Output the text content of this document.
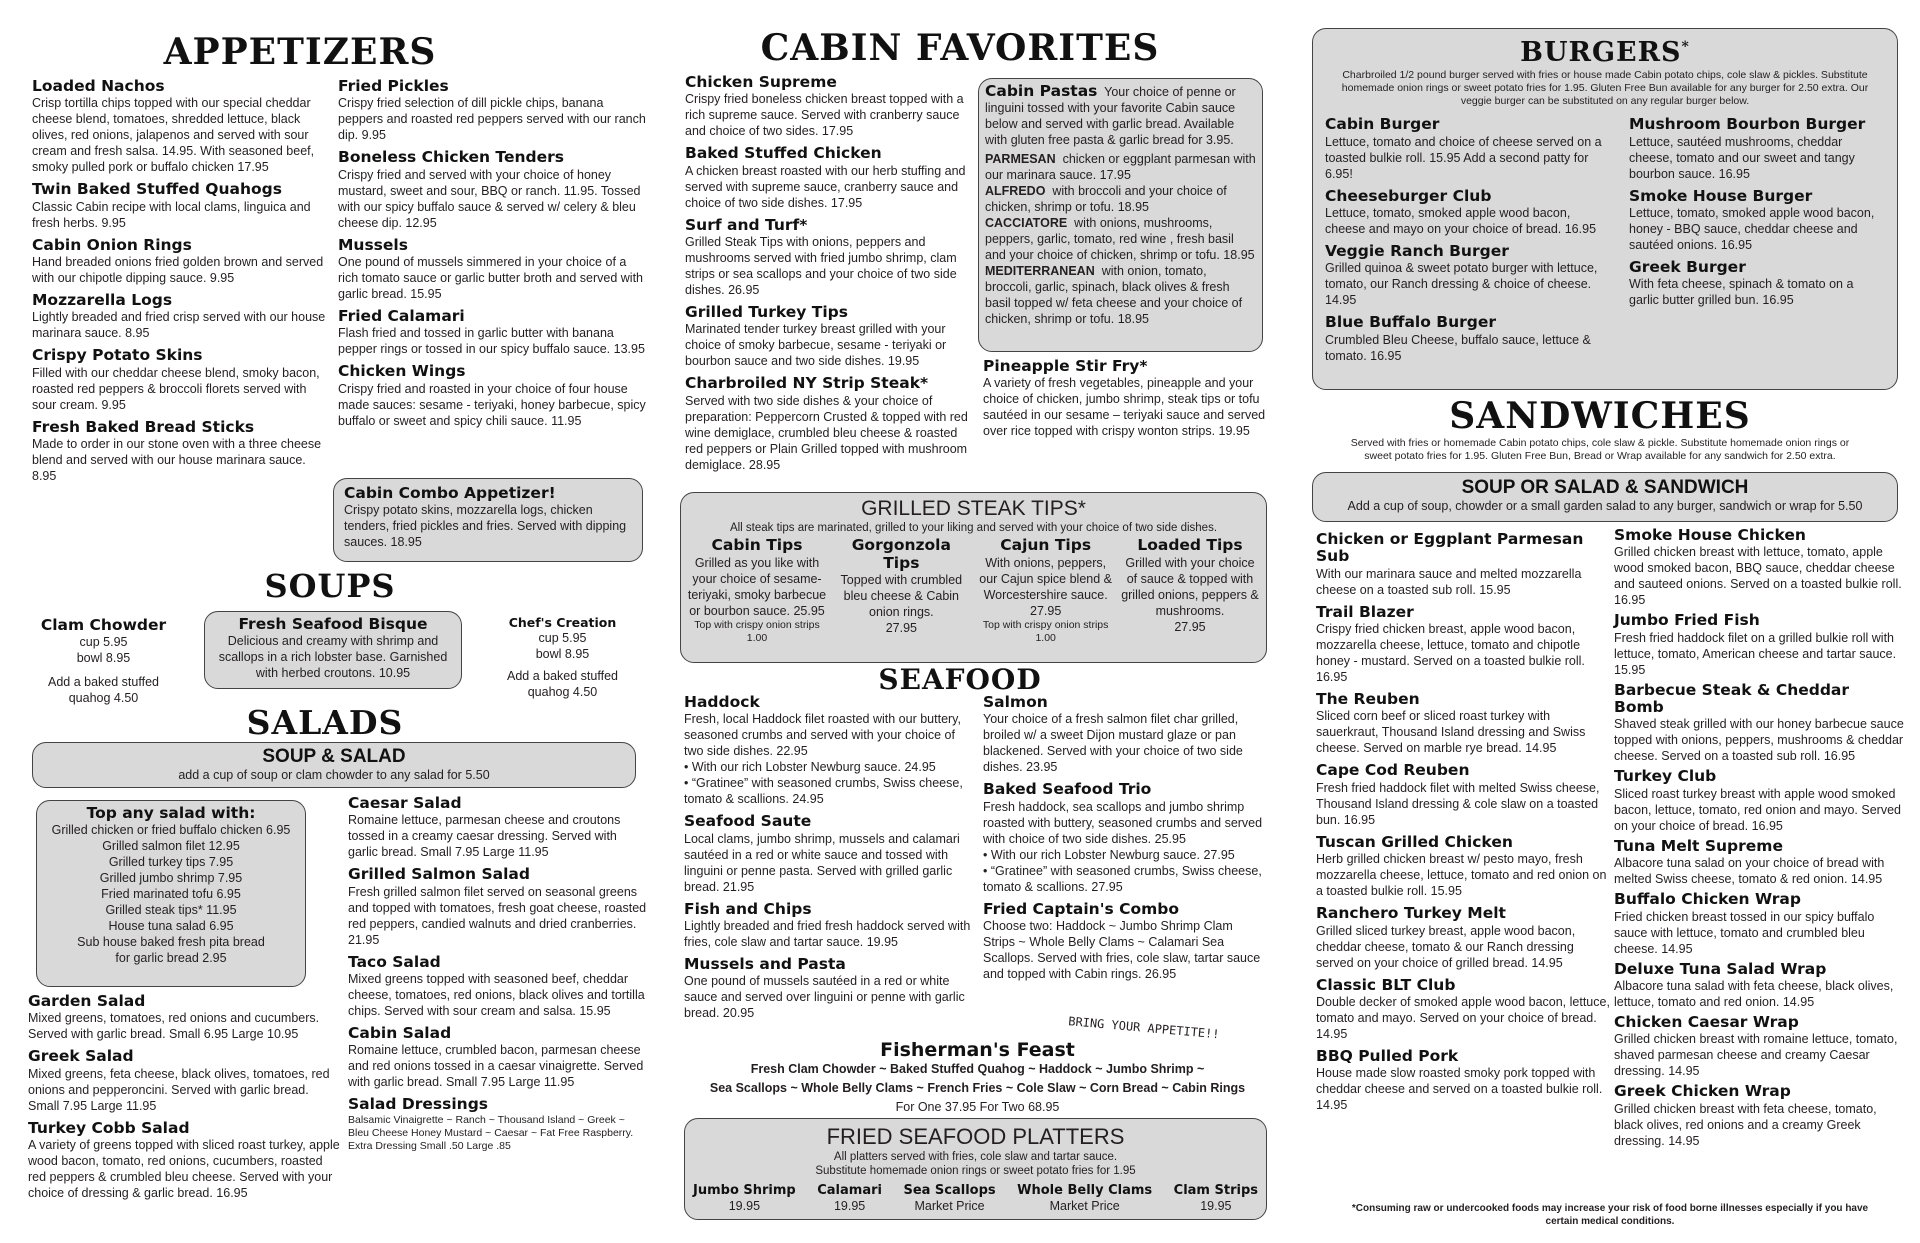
APPETIZERS
Loaded Nachos
Crisp tortilla chips topped with our special cheddar cheese blend, tomatoes, shredded lettuce, black olives, red onions, jalapenos and served with sour cream and fresh salsa. 14.95. With seasoned beef, smoky pulled pork or buffalo chicken 17.95
Twin Baked Stuffed Quahogs
Classic Cabin recipe with local clams, linguica and fresh herbs. 9.95
Cabin Onion Rings
Hand breaded onions fried golden brown and served with our chipotle dipping sauce. 9.95
Mozzarella Logs
Lightly breaded and fried crisp served with our house marinara sauce. 8.95
Crispy Potato Skins
Filled with our cheddar cheese blend, smoky bacon, roasted red peppers & broccoli florets served with sour cream. 9.95
Fresh Baked Bread Sticks
Made to order in our stone oven with a three cheese blend and served with our house marinara sauce. 8.95
Fried Pickles
Crispy fried selection of dill pickle chips, banana peppers and roasted red peppers served with our ranch dip. 9.95
Boneless Chicken Tenders
Crispy fried and served with your choice of honey mustard, sweet and sour, BBQ or ranch. 11.95. Tossed with our spicy buffalo sauce & served w/ celery & bleu cheese dip. 12.95
Mussels
One pound of mussels simmered in your choice of a rich tomato sauce or garlic butter broth and served with garlic bread. 15.95
Fried Calamari
Flash fried and tossed in garlic butter with banana pepper rings or tossed in our spicy buffalo sauce. 13.95
Chicken Wings
Crispy fried and roasted in your choice of four house made sauces: sesame - teriyaki, honey barbecue, spicy buffalo or sweet and spicy chili sauce. 11.95
Cabin Combo Appetizer!
Crispy potato skins, mozzarella logs, chicken tenders, fried pickles and fries. Served with dipping sauces. 18.95
SOUPS
Clam Chowder
cup 5.95
bowl 8.95
Add a baked stuffed quahog 4.50
Fresh Seafood Bisque
Delicious and creamy with shrimp and scallops in a rich lobster base. Garnished with herbed croutons. 10.95
Chef's Creation
cup 5.95
bowl 8.95
Add a baked stuffed quahog 4.50
SALADS
SOUP & SALAD
add a cup of soup or clam chowder to any salad for 5.50
Top any salad with:
Grilled chicken or fried buffalo chicken 6.95
Grilled salmon filet 12.95
Grilled turkey tips 7.95
Grilled jumbo shrimp 7.95
Fried marinated tofu 6.95
Grilled steak tips* 11.95
House tuna salad 6.95
Sub house baked fresh pita bread for garlic bread 2.95
Garden Salad
Mixed greens, tomatoes, red onions and cucumbers. Served with garlic bread. Small 6.95 Large 10.95
Greek Salad
Mixed greens, feta cheese, black olives, tomatoes, red onions and pepperoncini. Served with garlic bread. Small 7.95 Large 11.95
Turkey Cobb Salad
A variety of greens topped with sliced roast turkey, apple wood bacon, tomato, red onions, cucumbers, roasted red peppers & crumbled bleu cheese. Served with your choice of dressing & garlic bread. 16.95
Caesar Salad
Romaine lettuce, parmesan cheese and croutons tossed in a creamy caesar dressing. Served with garlic bread. Small 7.95 Large 11.95
Grilled Salmon Salad
Fresh grilled salmon filet served on seasonal greens and topped with tomatoes, fresh goat cheese, roasted red peppers, candied walnuts and dried cranberries. 21.95
Taco Salad
Mixed greens topped with seasoned beef, cheddar cheese, tomatoes, red onions, black olives and tortilla chips. Served with sour cream and salsa. 15.95
Cabin Salad
Romaine lettuce, crumbled bacon, parmesan cheese and red onions tossed in a caesar vinaigrette. Served with garlic bread. Small 7.95 Large 11.95
Salad Dressings
Balsamic Vinaigrette ~ Ranch ~ Thousand Island ~ Greek ~ Bleu Cheese Honey Mustard ~ Caesar ~ Fat Free Raspberry. Extra Dressing Small .50 Large .85
CABIN FAVORITES
Chicken Supreme
Crispy fried boneless chicken breast topped with a rich supreme sauce. Served with cranberry sauce and choice of two sides. 17.95
Baked Stuffed Chicken
A chicken breast roasted with our herb stuffing and served with supreme sauce, cranberry sauce and choice of two side dishes. 17.95
Surf and Turf*
Grilled Steak Tips with onions, peppers and mushrooms served with fried jumbo shrimp, clam strips or sea scallops and your choice of two side dishes. 26.95
Grilled Turkey Tips
Marinated tender turkey breast grilled with your choice of smoky barbecue, sesame - teriyaki or bourbon sauce and two side dishes. 19.95
Charbroiled NY Strip Steak*
Served with two side dishes & your choice of preparation: Peppercorn Crusted & topped with red wine demiglace, crumbled bleu cheese & roasted red peppers or Plain Grilled topped with mushroom demiglace. 28.95
Cabin Pastas Your choice of penne or linguini tossed with your favorite Cabin sauce below and served with garlic bread. Available with gluten free pasta & garlic bread for 3.95.
PARMESAN chicken or eggplant parmesan with our marinara sauce. 17.95
ALFREDO with broccoli and your choice of chicken, shrimp or tofu. 18.95
CACCIATORE with onions, mushrooms, peppers, garlic, tomato, red wine , fresh basil and your choice of chicken, shrimp or tofu. 18.95
MEDITERRANEAN with onion, tomato, broccoli, garlic, spinach, black olives & fresh basil topped w/ feta cheese and your choice of chicken, shrimp or tofu. 18.95
Pineapple Stir Fry*
A variety of fresh vegetables, pineapple and your choice of chicken, jumbo shrimp, steak tips or tofu sautéed in our sesame – teriyaki sauce and served over rice topped with crispy wonton strips. 19.95
GRILLED STEAK TIPS*
All steak tips are marinated, grilled to your liking and served with your choice of two side dishes.
Cabin Tips
Grilled as you like with your choice of sesame-teriyaki, smoky barbecue or bourbon sauce. 25.95
Top with crispy onion strips 1.00
Gorgonzola Tips
Topped with crumbled bleu cheese & Cabin onion rings.
27.95
Cajun Tips
With onions, peppers, our Cajun spice blend & Worcestershire sauce. 27.95
Top with crispy onion strips 1.00
Loaded Tips
Grilled with your choice of sauce & topped with grilled onions, peppers & mushrooms.
27.95
SEAFOOD
Haddock
Fresh, local Haddock filet roasted with our buttery, seasoned crumbs and served with your choice of two side dishes. 22.95
• With our rich Lobster Newburg sauce. 24.95
• “Gratinee” with seasoned crumbs, Swiss cheese, tomato & scallions. 24.95
Seafood Saute
Local clams, jumbo shrimp, mussels and calamari sautéed in a red or white sauce and tossed with linguini or penne pasta. Served with grilled garlic bread. 21.95
Fish and Chips
Lightly breaded and fried fresh haddock served with fries, cole slaw and tartar sauce. 19.95
Mussels and Pasta
One pound of mussels sautéed in a red or white sauce and served over linguini or penne with garlic bread. 20.95
Salmon
Your choice of a fresh salmon filet char grilled, broiled w/ a sweet Dijon mustard glaze or pan blackened. Served with your choice of two side dishes. 23.95
Baked Seafood Trio
Fresh haddock, sea scallops and jumbo shrimp roasted with buttery, seasoned crumbs and served with choice of two side dishes. 25.95
• With our rich Lobster Newburg sauce. 27.95
• “Gratinee” with seasoned crumbs, Swiss cheese, tomato & scallions. 27.95
Fried Captain's Combo
Choose two: Haddock ~ Jumbo Shrimp Clam Strips ~ Whole Belly Clams ~ Calamari Sea Scallops. Served with fries, cole slaw, tartar sauce and topped with Cabin rings. 26.95
BRING YOUR APPETITE!!
Fisherman's Feast
Fresh Clam Chowder ~ Baked Stuffed Quahog ~ Haddock ~ Jumbo Shrimp ~
Sea Scallops ~ Whole Belly Clams ~ French Fries ~ Cole Slaw ~ Corn Bread ~ Cabin Rings
For One 37.95 For Two 68.95
FRIED SEAFOOD PLATTERS
All platters served with fries, cole slaw and tartar sauce.
Substitute homemade onion rings or sweet potato fries for 1.95
Jumbo Shrimp
19.95
Calamari
19.95
Sea Scallops
Market Price
Whole Belly Clams
Market Price
Clam Strips
19.95
BURGERS*
Charbroiled 1/2 pound burger served with fries or house made Cabin potato chips, cole slaw & pickles. Substitute homemade onion rings or sweet potato fries for 1.95. Gluten Free Bun available for any burger for 2.50 extra. Our veggie burger can be substituted on any regular burger below.
Cabin Burger
Lettuce, tomato and choice of cheese served on a toasted bulkie roll. 15.95 Add a second patty for 6.95!
Cheeseburger Club
Lettuce, tomato, smoked apple wood bacon, cheese and mayo on your choice of bread. 16.95
Veggie Ranch Burger
Grilled quinoa & sweet potato burger with lettuce, tomato, our Ranch dressing & choice of cheese. 14.95
Blue Buffalo Burger
Crumbled Bleu Cheese, buffalo sauce, lettuce & tomato. 16.95
Mushroom Bourbon Burger
Lettuce, sautéed mushrooms, cheddar cheese, tomato and our sweet and tangy bourbon sauce. 16.95
Smoke House Burger
Lettuce, tomato, smoked apple wood bacon, honey - BBQ sauce, cheddar cheese and sautéed onions. 16.95
Greek Burger
With feta cheese, spinach & tomato on a garlic butter grilled bun. 16.95
SANDWICHES
Served with fries or homemade Cabin potato chips, cole slaw & pickle. Substitute homemade onion rings or sweet potato fries for 1.95. Gluten Free Bun, Bread or Wrap available for any sandwich for 2.50 extra.
SOUP OR SALAD & SANDWICH
Add a cup of soup, chowder or a small garden salad to any burger, sandwich or wrap for 5.50
Chicken or Eggplant Parmesan Sub
With our marinara sauce and melted mozzarella cheese on a toasted sub roll. 15.95
Trail Blazer
Crispy fried chicken breast, apple wood bacon, mozzarella cheese, lettuce, tomato and chipotle honey - mustard. Served on a toasted bulkie roll. 16.95
The Reuben
Sliced corn beef or sliced roast turkey with sauerkraut, Thousand Island dressing and Swiss cheese. Served on marble rye bread. 14.95
Cape Cod Reuben
Fresh fried haddock filet with melted Swiss cheese, Thousand Island dressing & cole slaw on a toasted bun. 16.95
Tuscan Grilled Chicken
Herb grilled chicken breast w/ pesto mayo, fresh mozzarella cheese, lettuce, tomato and red onion on a toasted bulkie roll. 15.95
Ranchero Turkey Melt
Grilled sliced turkey breast, apple wood bacon, cheddar cheese, tomato & our Ranch dressing served on your choice of grilled bread. 14.95
Classic BLT Club
Double decker of smoked apple wood bacon, lettuce, tomato and mayo. Served on your choice of bread. 14.95
BBQ Pulled Pork
House made slow roasted smoky pork topped with cheddar cheese and served on a toasted bulkie roll. 14.95
Smoke House Chicken
Grilled chicken breast with lettuce, tomato, apple wood smoked bacon, BBQ sauce, cheddar cheese and sauteed onions. Served on a toasted bulkie roll. 16.95
Jumbo Fried Fish
Fresh fried haddock filet on a grilled bulkie roll with lettuce, tomato, American cheese and tartar sauce. 15.95
Barbecue Steak & Cheddar Bomb
Shaved steak grilled with our honey barbecue sauce topped with onions, peppers, mushrooms & cheddar cheese. Served on a toasted sub roll. 16.95
Turkey Club
Sliced roast turkey breast with apple wood smoked bacon, lettuce, tomato, red onion and mayo. Served on your choice of bread. 16.95
Tuna Melt Supreme
Albacore tuna salad on your choice of bread with melted Swiss cheese, tomato & red onion. 14.95
Buffalo Chicken Wrap
Fried chicken breast tossed in our spicy buffalo sauce with lettuce, tomato and crumbled bleu cheese. 14.95
Deluxe Tuna Salad Wrap
Albacore tuna salad with feta cheese, black olives, lettuce, tomato and red onion. 14.95
Chicken Caesar Wrap
Grilled chicken breast with romaine lettuce, tomato, shaved parmesan cheese and creamy Caesar dressing. 14.95
Greek Chicken Wrap
Grilled chicken breast with feta cheese, tomato, black olives, red onions and a creamy Greek dressing. 14.95
*Consuming raw or undercooked foods may increase your risk of food borne illnesses especially if you have certain medical conditions.
